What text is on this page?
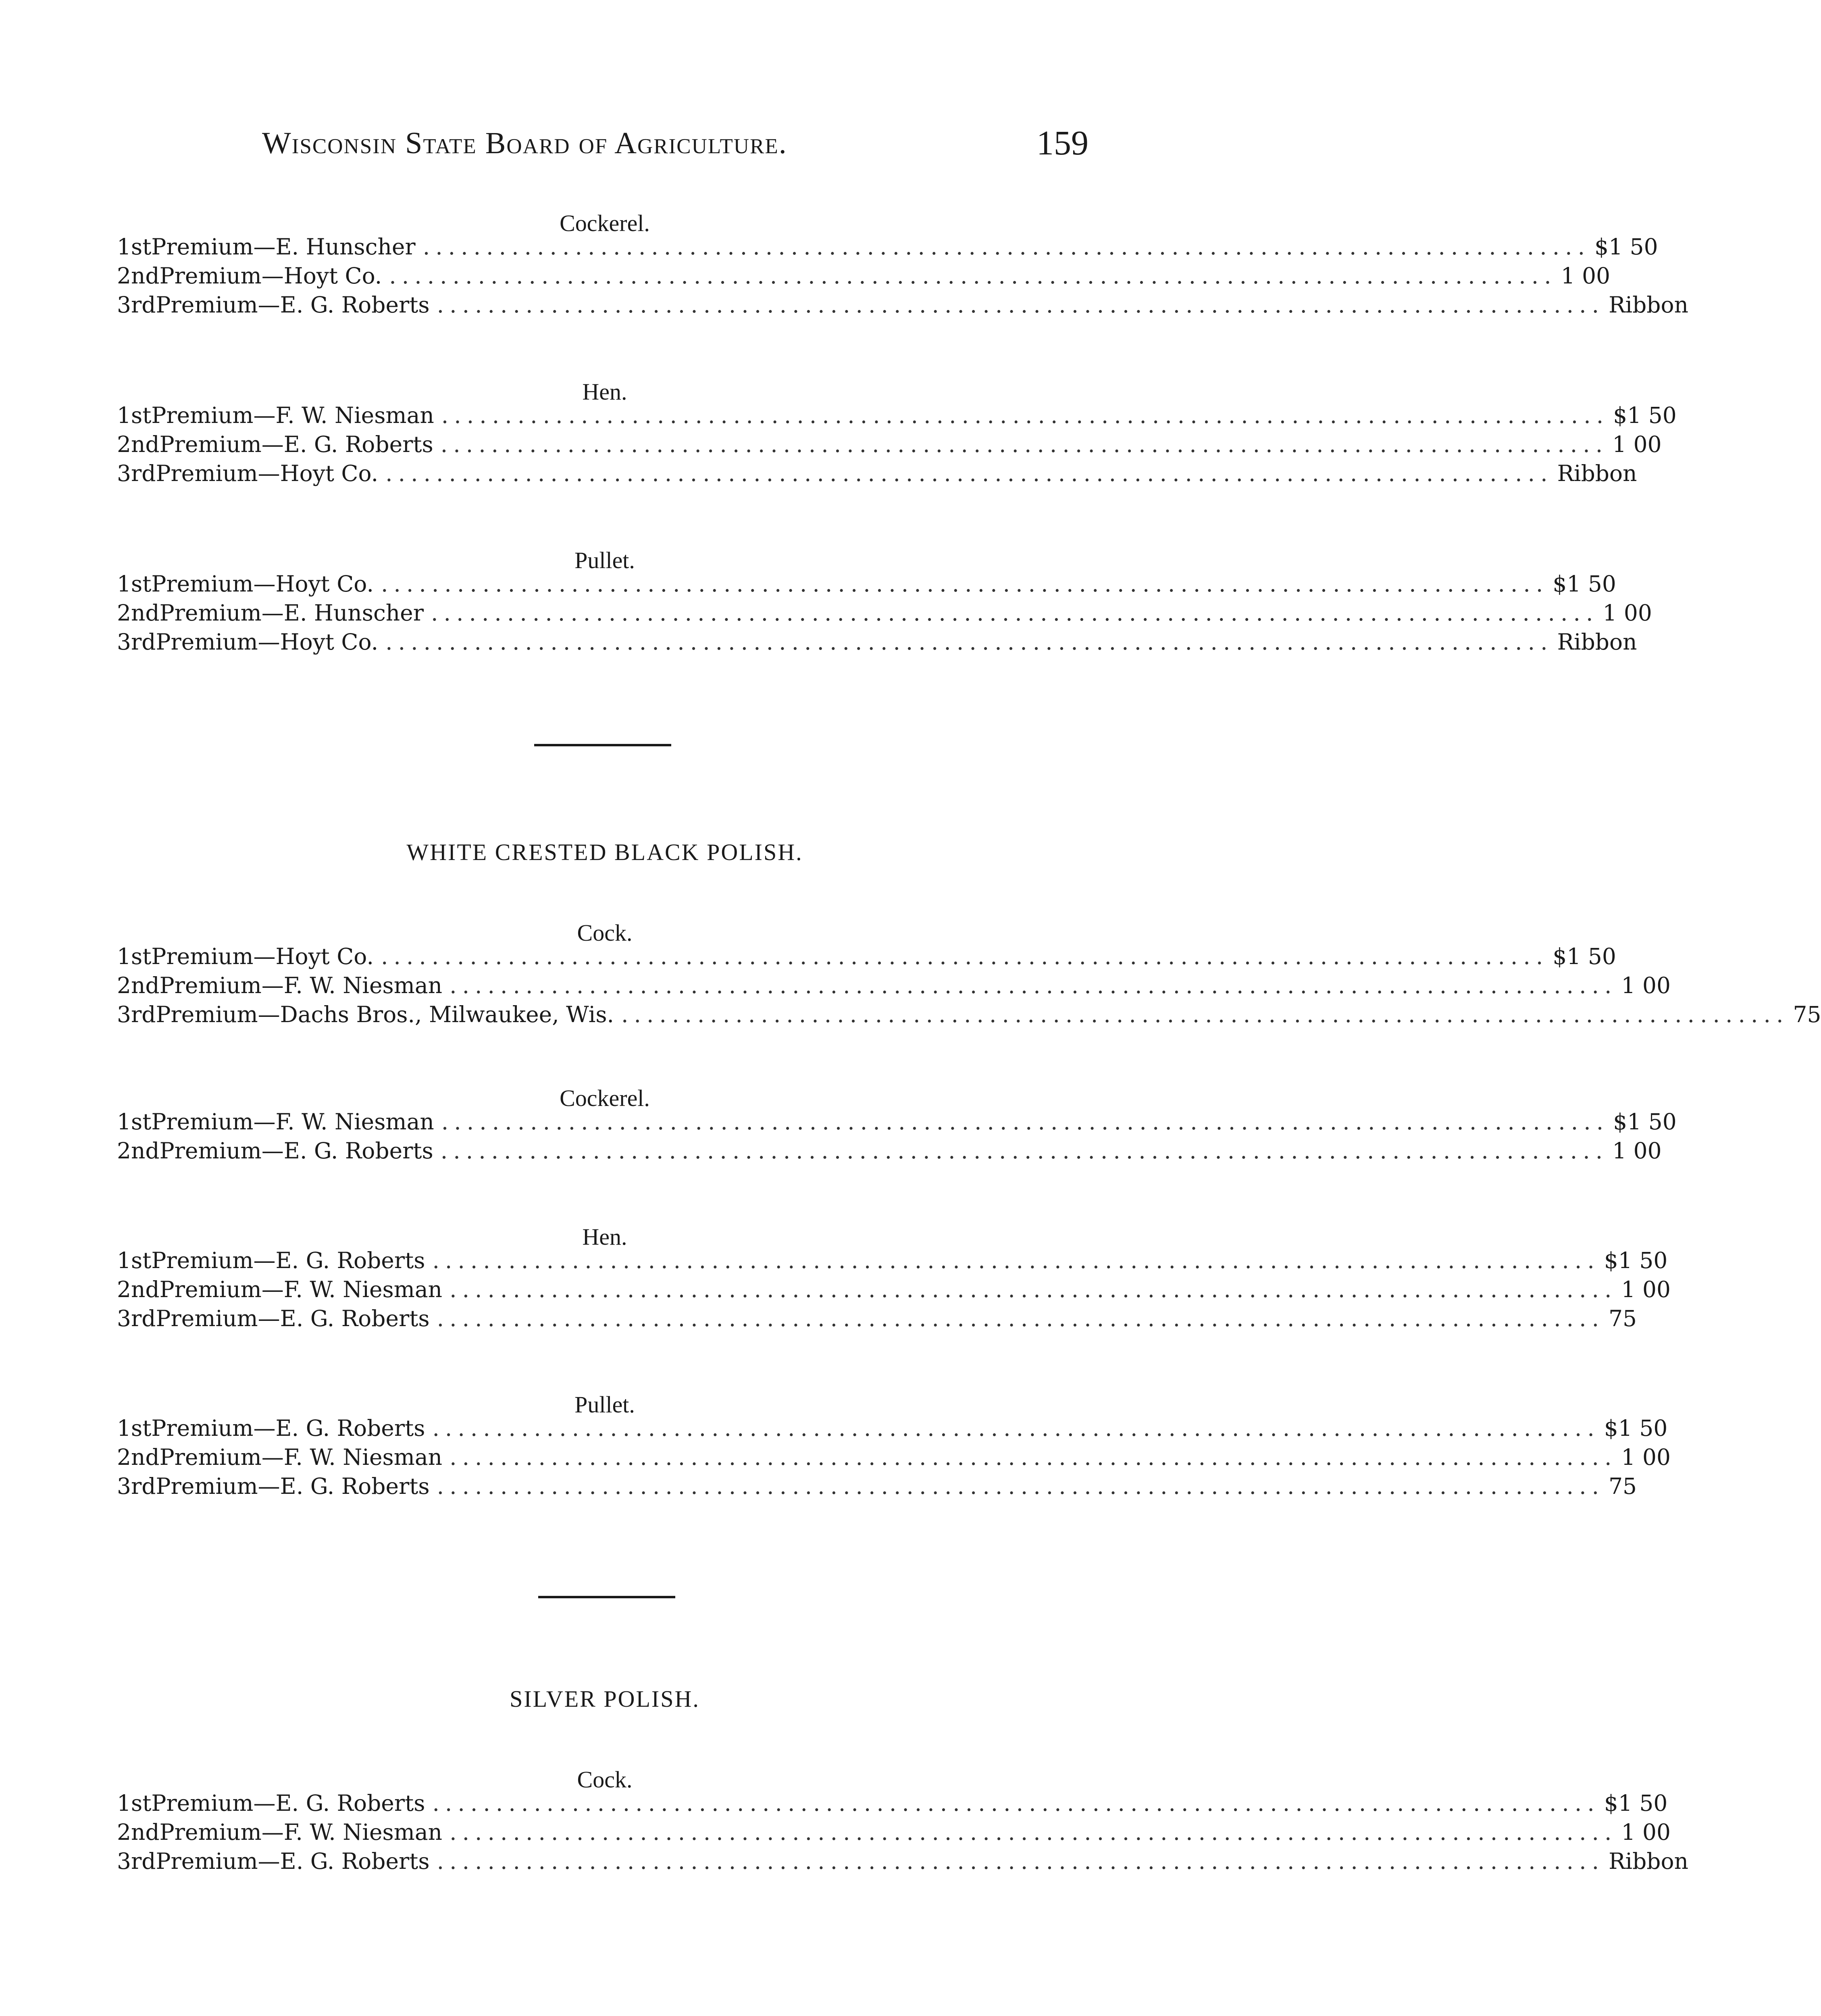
Wisconsin State Board of Agriculture.	159
Cockerel.
1st Premium—E. Hunscher ............................................................................................ $1 50
2nd Premium—Hoyt Co. ............................................................................................ 1 00
3rd Premium—E. G. Roberts ............................................................................................ Ribbon
Hen.
1st Premium—F. W. Niesman ............................................................................................ $1 50
2nd Premium—E. G. Roberts ............................................................................................ 1 00
3rd Premium—Hoyt Co. ............................................................................................ Ribbon
Pullet.
1st Premium—Hoyt Co. ............................................................................................ $1 50
2nd Premium—E. Hunscher ............................................................................................ 1 00
3rd Premium—Hoyt Co. ............................................................................................ Ribbon
WHITE CRESTED BLACK POLISH.
Cock.
1st Premium—Hoyt Co. ............................................................................................ $1 50
2nd Premium—F. W. Niesman ............................................................................................ 1 00
3rd Premium—Dachs Bros., Milwaukee, Wis. ............................................................................................ 75
Cockerel.
1st Premium—F. W. Niesman ............................................................................................ $1 50
2nd Premium—E. G. Roberts ............................................................................................ 1 00
Hen.
1st Premium—E. G. Roberts ............................................................................................ $1 50
2nd Premium—F. W. Niesman ............................................................................................ 1 00
3rd Premium—E. G. Roberts ............................................................................................ 75
Pullet.
1st Premium—E. G. Roberts ............................................................................................ $1 50
2nd Premium—F. W. Niesman ............................................................................................ 1 00
3rd Premium—E. G. Roberts ............................................................................................ 75
SILVER POLISH.
Cock.
1st Premium—E. G. Roberts ............................................................................................ $1 50
2nd Premium—F. W. Niesman ............................................................................................ 1 00
3rd Premium—E. G. Roberts ............................................................................................ Ribbon
